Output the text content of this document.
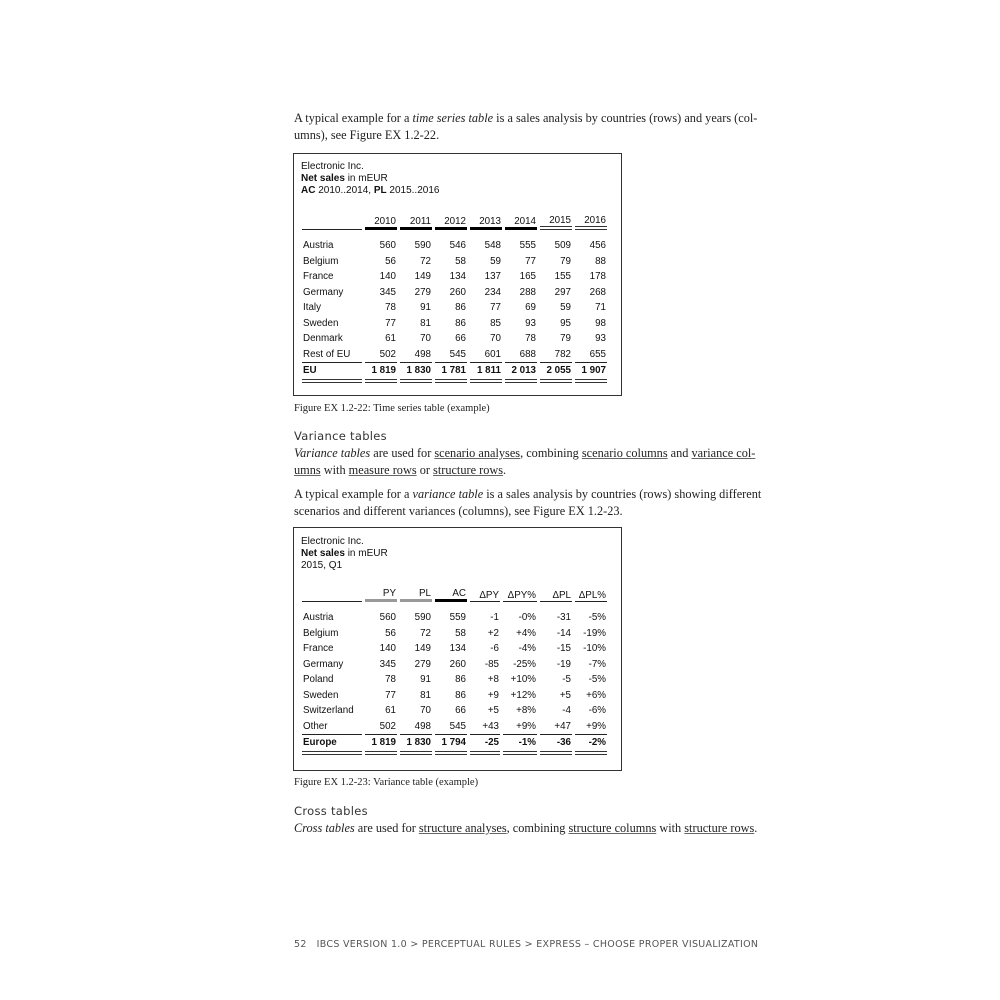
A typical example for a time series table is a sales analysis by countries (rows) and years (col-
umns), see Figure EX 1.2-22.
Electronic Inc.
Net sales in mEUR
AC 2010..2014, PL 2015..2016
	2010	2011	2012	2013	2014	2015	2016

Austria	560	590	546	548	555	509	456
Belgium	56	72	58	59	77	79	88
France	140	149	134	137	165	155	178
Germany	345	279	260	234	288	297	268
Italy	78	91	86	77	69	59	71
Sweden	77	81	86	85	93	95	98
Denmark	61	70	66	70	78	79	93
Rest of EU	502	498	545	601	688	782	655
EU	1 819	1 830	1 781	1 811	2 013	2 055	1 907
Figure EX 1.2-22: Time series table (example)
Variance tables
Variance tables are used for scenario analyses, combining scenario columns and variance col-
umns with measure rows or structure rows.
A typical example for a variance table is a sales analysis by countries (rows) showing different
scenarios and different variances (columns), see Figure EX 1.2-23.
Electronic Inc.
Net sales in mEUR
2015, Q1
	PY	PL	AC	ΔPY	ΔPY%	ΔPL	ΔPL%

Austria	560	590	559	-1	-0%	-31	-5%
Belgium	56	72	58	+2	+4%	-14	-19%
France	140	149	134	-6	-4%	-15	-10%
Germany	345	279	260	-85	-25%	-19	-7%
Poland	78	91	86	+8	+10%	-5	-5%
Sweden	77	81	86	+9	+12%	+5	+6%
Switzerland	61	70	66	+5	+8%	-4	-6%
Other	502	498	545	+43	+9%	+47	+9%
Europe	1 819	1 830	1 794	-25	-1%	-36	-2%
Figure EX 1.2-23: Variance table (example)
Cross tables
Cross tables are used for structure analyses, combining structure columns with structure rows.
52 IBCS VERSION 1.0 > PERCEPTUAL RULES > EXPRESS – CHOOSE PROPER VISUALIZATION
